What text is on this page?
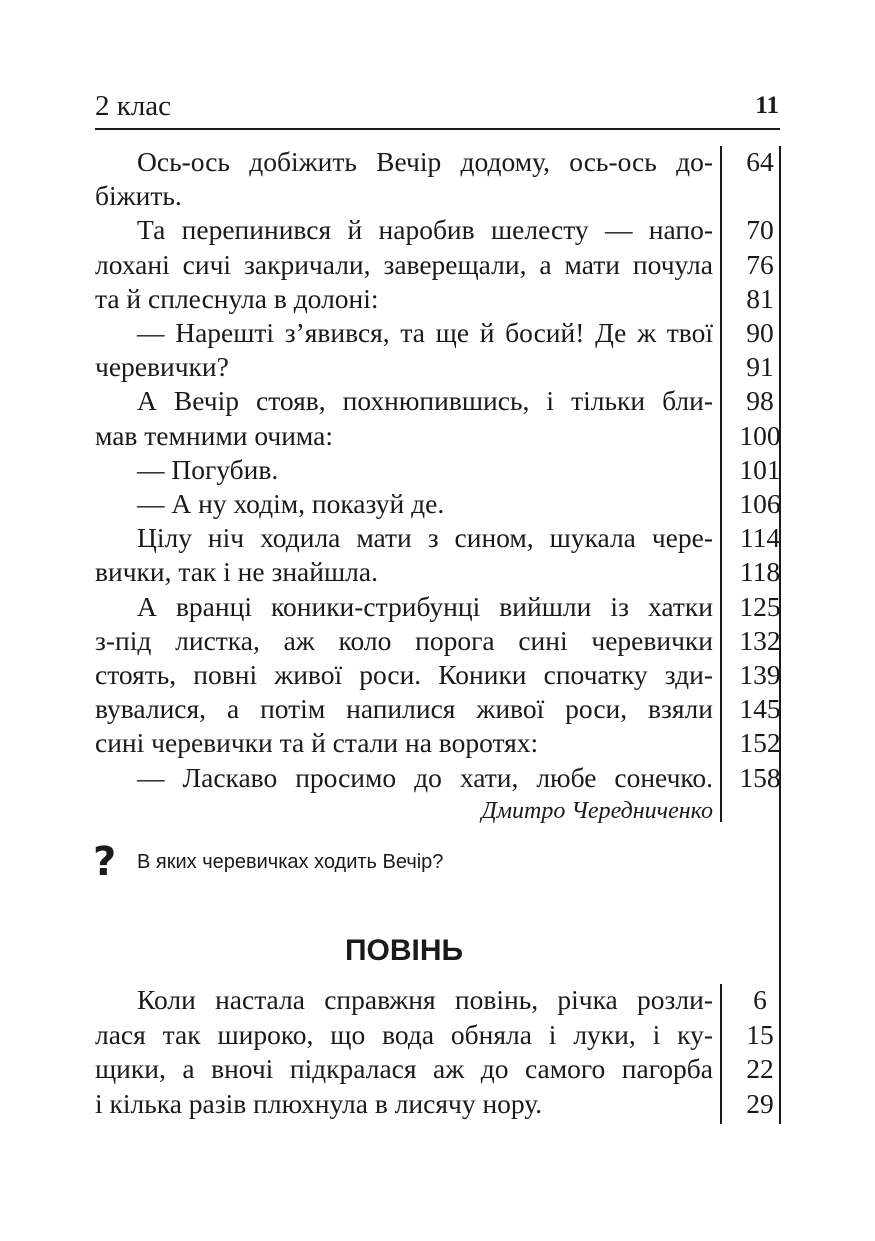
2 клас	11
Ось-ось добіжить Вечір додому, ось-ось до-	64
біжить.
Та перепинився й наробив шелесту — напо-	70
лохані сичі закричали, заверещали, а мати почула	76
та й сплеснула в долоні:	81
— Нарешті з’явився, та ще й босий! Де ж твої	90
черевички?	91
А Вечір стояв, похнюпившись, і тільки бли-	98
мав темними очима:	100
— Погубив.	101
— А ну ходім, показуй де.	106
Цілу ніч ходила мати з сином, шукала чере- 114
вички, так і не знайшла.	118
А вранці коники-стрибунці вийшли із хатки 125
з-під листка, аж коло порога сині черевички 132
стоять, повні живої роси. Коники спочатку зди- 139
вувалися, а потім напилися живої роси, взяли 145
сині черевички та й стали на воротях:	152
— Ласкаво просимо до хати, любе сонечко. 158
Дмитро Чередниченко
? В яких черевичках ходить Вечір?
ПОВІНЬ
Коли настала справжня повінь, річка розли-	6
лася так широко, що вода обняла і луки, і ку-	15
щики, а вночі підкралася аж до самого пагорба	22
і кілька разів плюхнула в лисячу нору.	29
